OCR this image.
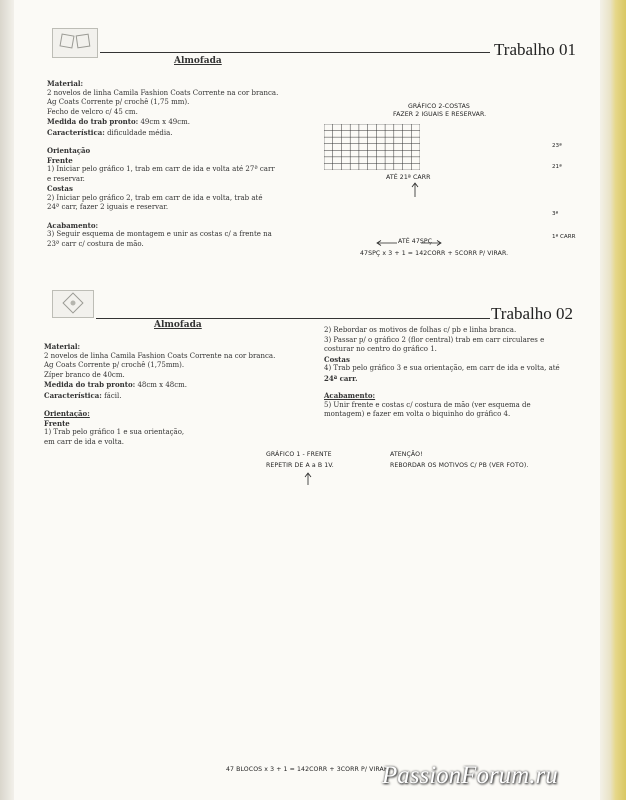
Trabalho 01
Almofada
Material:
2 novelos de linha Camila Fashion Coats Corrente na cor branca.
Ag Coats Corrente p/ crochê (1,75 mm).
Fecho de velcro c/ 45 cm.
Medida do trab pronto: 49cm x 49cm.
Característica: dificuldade média.
Orientação
Frente
1) Iniciar pelo gráfico 1, trab em carr de ida e volta até 27ª carr
e reservar.
Costas
2) Iniciar pelo gráfico 2, trab em carr de ida e volta, trab até
24ª carr, fazer 2 iguais e reservar.
Acabamento:
3) Seguir esquema de montagem e unir as costas c/ a frente na
23ª carr c/ costura de mão.
GRÁFICO 2-COSTAS
FAZER 2 IGUAIS E RESERVAR.
23ª
21ª
3ª
1ª CARR
ATÉ 21ª CARR
ATÉ 47SPÇ
47SPÇ x 3 + 1 = 142CORR + 5CORR P/ VIRAR.
Trabalho 02
Almofada
Material:
2 novelos de linha Camila Fashion Coats Corrente na cor branca.
Ag Coats Corrente p/ crochê (1,75mm).
Zíper branco de 40cm.
Medida do trab pronto: 48cm x 48cm.
Característica: fácil.
Orientação:
Frente
1) Trab pelo gráfico 1 e sua orientação,
em carr de ida e volta.
2) Rebordar os motivos de folhas c/ pb e linha branca.
3) Passar p/ o gráfico 2 (flor central) trab em carr circulares e
costurar no centro do gráfico 1.
Costas
4) Trab pelo gráfico 3 e sua orientação, em carr de ida e volta, até
24ª carr.
Acabamento:
5) Unir frente e costas c/ costura de mão (ver esquema de
montagem) e fazer em volta o biquinho do gráfico 4.
GRÁFICO 1 - FRENTE
REPETIR DE A a B 1V.
ATENÇÃO!
REBORDAR OS MOTIVOS C/ PB (VER FOTO).
47 BLOCOS x 3 + 1 = 142CORR + 3CORR P/ VIRAR.
PassionForum.ru
